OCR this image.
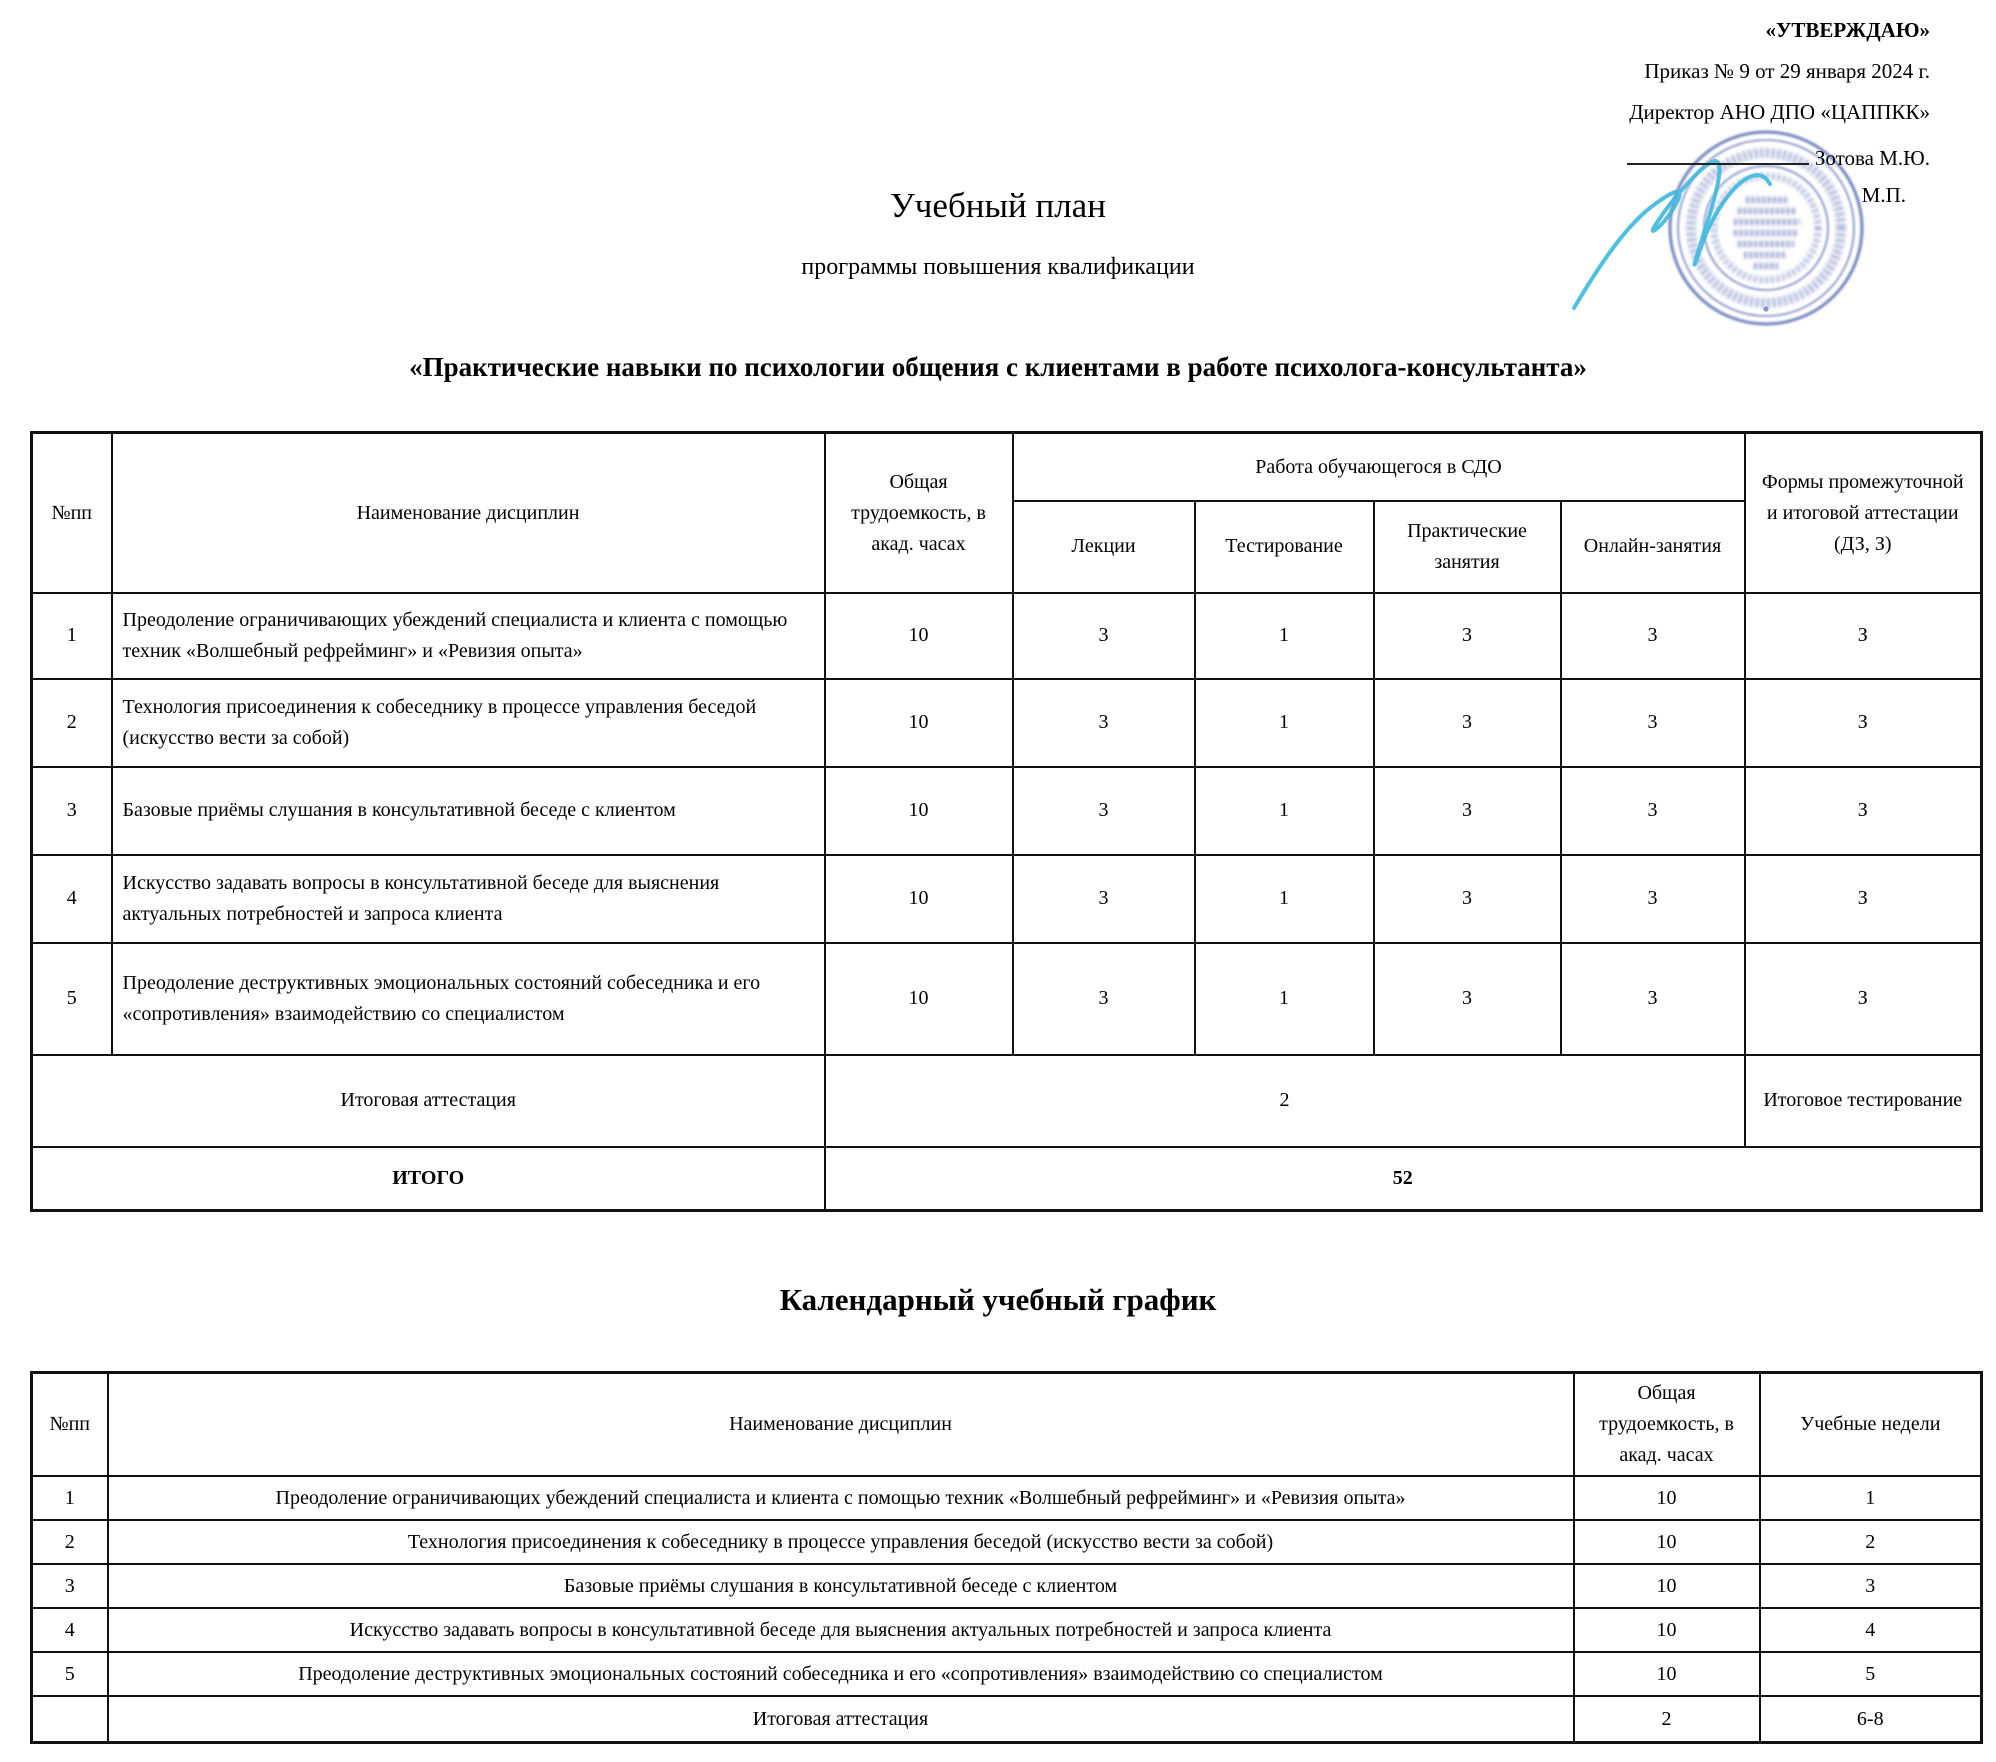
«УТВЕРЖДАЮ»
Приказ № 9 от 29 января 2024 г.
Директор АНО ДПО «ЦАППКК»
Зотова М.Ю.
М.П.
Учебный план
программы повышения квалификации
«Практические навыки по психологии общения с клиентами в работе психолога-консультанта»
№пп	Наименование дисциплин	Общая трудоемкость, в акад. часах	Работа обучающегося в СДО				Формы промежуточной и итоговой аттестации (ДЗ, З)
			Лекции	Тестирование	Практические занятия	Онлайн-занятия	
1	Преодоление ограничивающих убеждений специалиста и клиента с помощью техник «Волшебный рефрейминг» и «Ревизия опыта»	10	3	1	3	3	З
2	Технология присоединения к собеседнику в процессе управления беседой (искусство вести за собой)	10	3	1	3	3	З
3	Базовые приёмы слушания в консультативной беседе с клиентом	10	3	1	3	3	З
4	Искусство задавать вопросы в консультативной беседе для выяснения актуальных потребностей и запроса клиента	10	3	1	3	3	З
5	Преодоление деструктивных эмоциональных состояний собеседника и его «сопротивления» взаимодействию со специалистом	10	3	1	3	3	З
Итоговая аттестация		2					Итоговое тестирование
ИТОГО		52					
Календарный учебный график
№пп	Наименование дисциплин	Общая трудоемкость, в акад. часах	Учебные недели
1	Преодоление ограничивающих убеждений специалиста и клиента с помощью техник «Волшебный рефрейминг» и «Ревизия опыта»	10	1
2	Технология присоединения к собеседнику в процессе управления беседой (искусство вести за собой)	10	2
3	Базовые приёмы слушания в консультативной беседе с клиентом	10	3
4	Искусство задавать вопросы в консультативной беседе для выяснения актуальных потребностей и запроса клиента	10	4
5	Преодоление деструктивных эмоциональных состояний собеседника и его «сопротивления» взаимодействию со специалистом	10	5
	Итоговая аттестация	2	6-8
